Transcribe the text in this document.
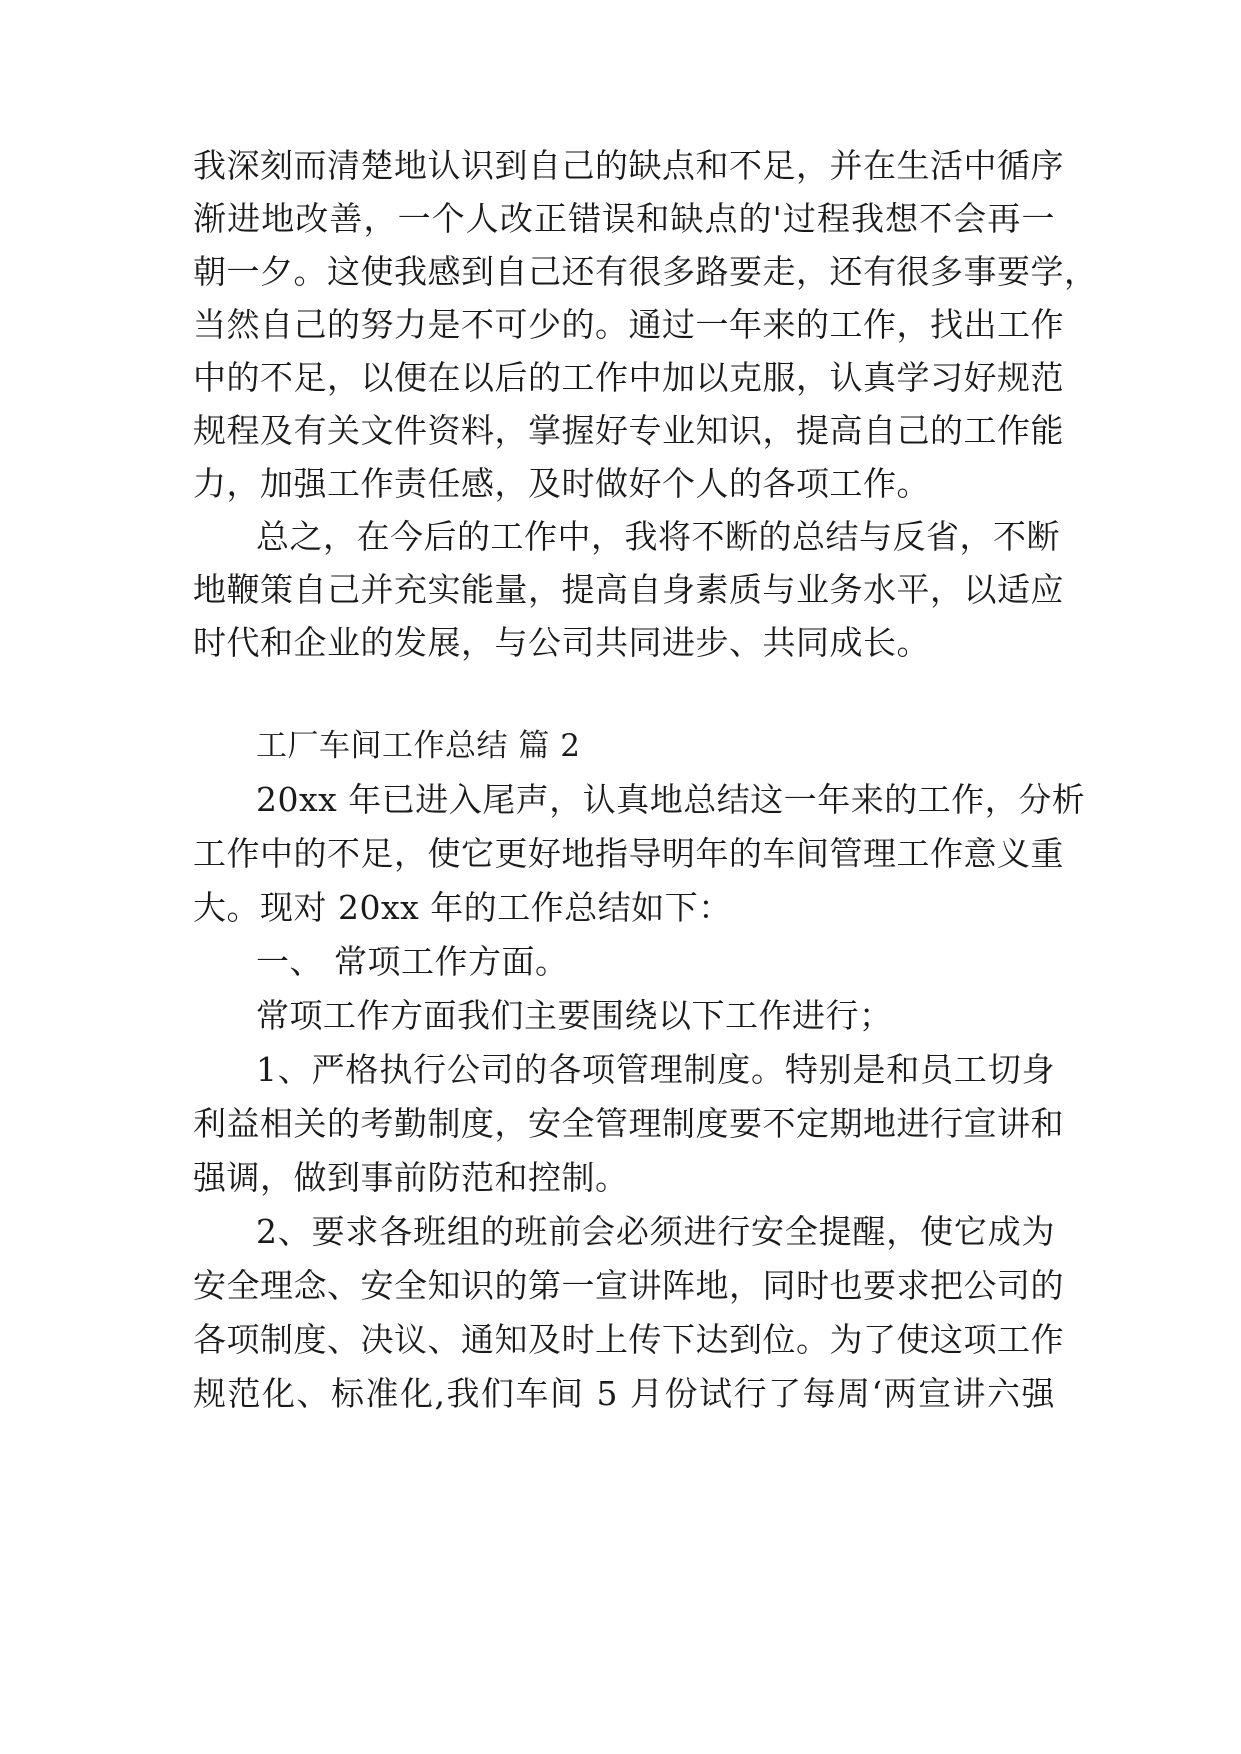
我深刻而清楚地认识到自己的缺点和不足，并在生活中循序
渐进地改善，一个人改正错误和缺点的'过程我想不会再一
朝一夕。这使我感到自己还有很多路要走，还有很多事要学，
当然自己的努力是不可少的。通过一年来的工作，找出工作
中的不足，以便在以后的工作中加以克服，认真学习好规范
规程及有关文件资料，掌握好专业知识，提高自己的工作能
力，加强工作责任感，及时做好个人的各项工作。
总之，在今后的工作中，我将不断的总结与反省，不断
地鞭策自己并充实能量，提高自身素质与业务水平，以适应
时代和企业的发展，与公司共同进步、共同成长。
工厂车间工作总结 篇 2
20xx 年已进入尾声，认真地总结这一年来的工作，分析
工作中的不足，使它更好地指导明年的车间管理工作意义重
大。现对 20xx 年的工作总结如下：
一、 常项工作方面。
常项工作方面我们主要围绕以下工作进行；
1、严格执行公司的各项管理制度。特别是和员工切身
利益相关的考勤制度，安全管理制度要不定期地进行宣讲和
强调，做到事前防范和控制。
2、要求各班组的班前会必须进行安全提醒，使它成为
安全理念、安全知识的第一宣讲阵地，同时也要求把公司的
各项制度、决议、通知及时上传下达到位。为了使这项工作
规范化、标准化,我们车间 5 月份试行了每周‘两宣讲六强
